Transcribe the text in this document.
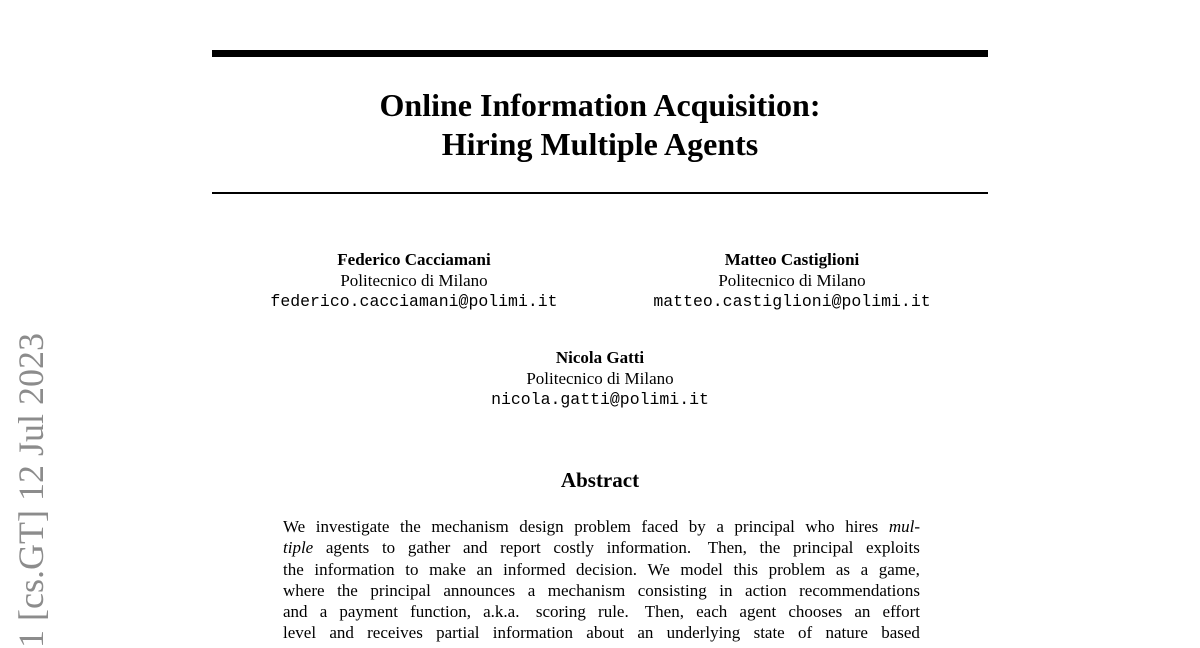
1 [cs.GT] 12 Jul 2023
Online Information Acquisition:
Hiring Multiple Agents
Federico Cacciamani
Politecnico di Milano
federico.cacciamani@polimi.it
Matteo Castiglioni
Politecnico di Milano
matteo.castiglioni@polimi.it
Nicola Gatti
Politecnico di Milano
nicola.gatti@polimi.it
Abstract
We investigate the mechanism design problem faced by a principal who hires mul-
tiple agents to gather and report costly information. Then, the principal exploits
the information to make an informed decision. We model this problem as a game,
where the principal announces a mechanism consisting in action recommendations
and a payment function, a.k.a. scoring rule. Then, each agent chooses an effort
level and receives partial information about an underlying state of nature based
